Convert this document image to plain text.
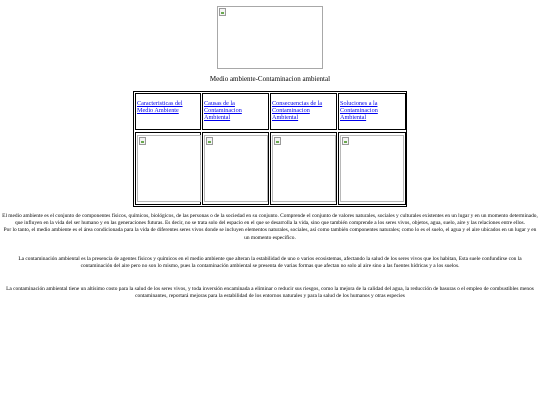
Medio ambiente-Contaminacion ambiental
Caracteristicas del Medio Ambiente
Causas de la Contaminacion Ambiental
Consecuencias de la Contaminacion Ambiental
Soluciones a la Contaminacion Ambiental

El medio ambiente es el conjunto de componentes físicos, químicos, biológicos, de las personas o de la sociedad en su conjunto. Comprende el conjunto de valores naturales, sociales y culturales existentes en un lugar y en un momento determinado, que influyen en la vida del ser humano y en las generaciones futuras. Es decir, no se trata solo del espacio en el que se desarrolla la vida, sino que también comprende a los seres vivos, objetos, agua, suelo, aire y las relaciones entre ellos.
Por lo tanto, el medio ambiente es el área condicionada para la vida de diferentes seres vivos donde se incluyen elementos naturales, sociales, así como también componentes naturales; como lo es el suelo, el agua y el aire ubicados en un lugar y en un momento especifico.

La contaminación ambiental es la presencia de agentes físicos y químicos en el medio ambiente que alteran la estabilidad de uno o varios ecosistemas, afectando la salud de los seres vivos que los habitan, Esta suele confundirse con la contaminación del aire pero no son lo mismo, pues la contaminación ambiental se presenta de varias formas que afectan no solo al aire sino a las fuentes hídricas y a los suelos.

La contaminación ambiental tiene un altísimo costo para la salud de los seres vivos, y toda inversión encaminada a eliminar o reducir sus riesgos, como la mejora de la calidad del agua, la reducción de basuras o el empleo de combustibles menos contaminantes, reportará mejoras para la estabilidad de los entornos naturales y para la salud de los humanos y otras especies
